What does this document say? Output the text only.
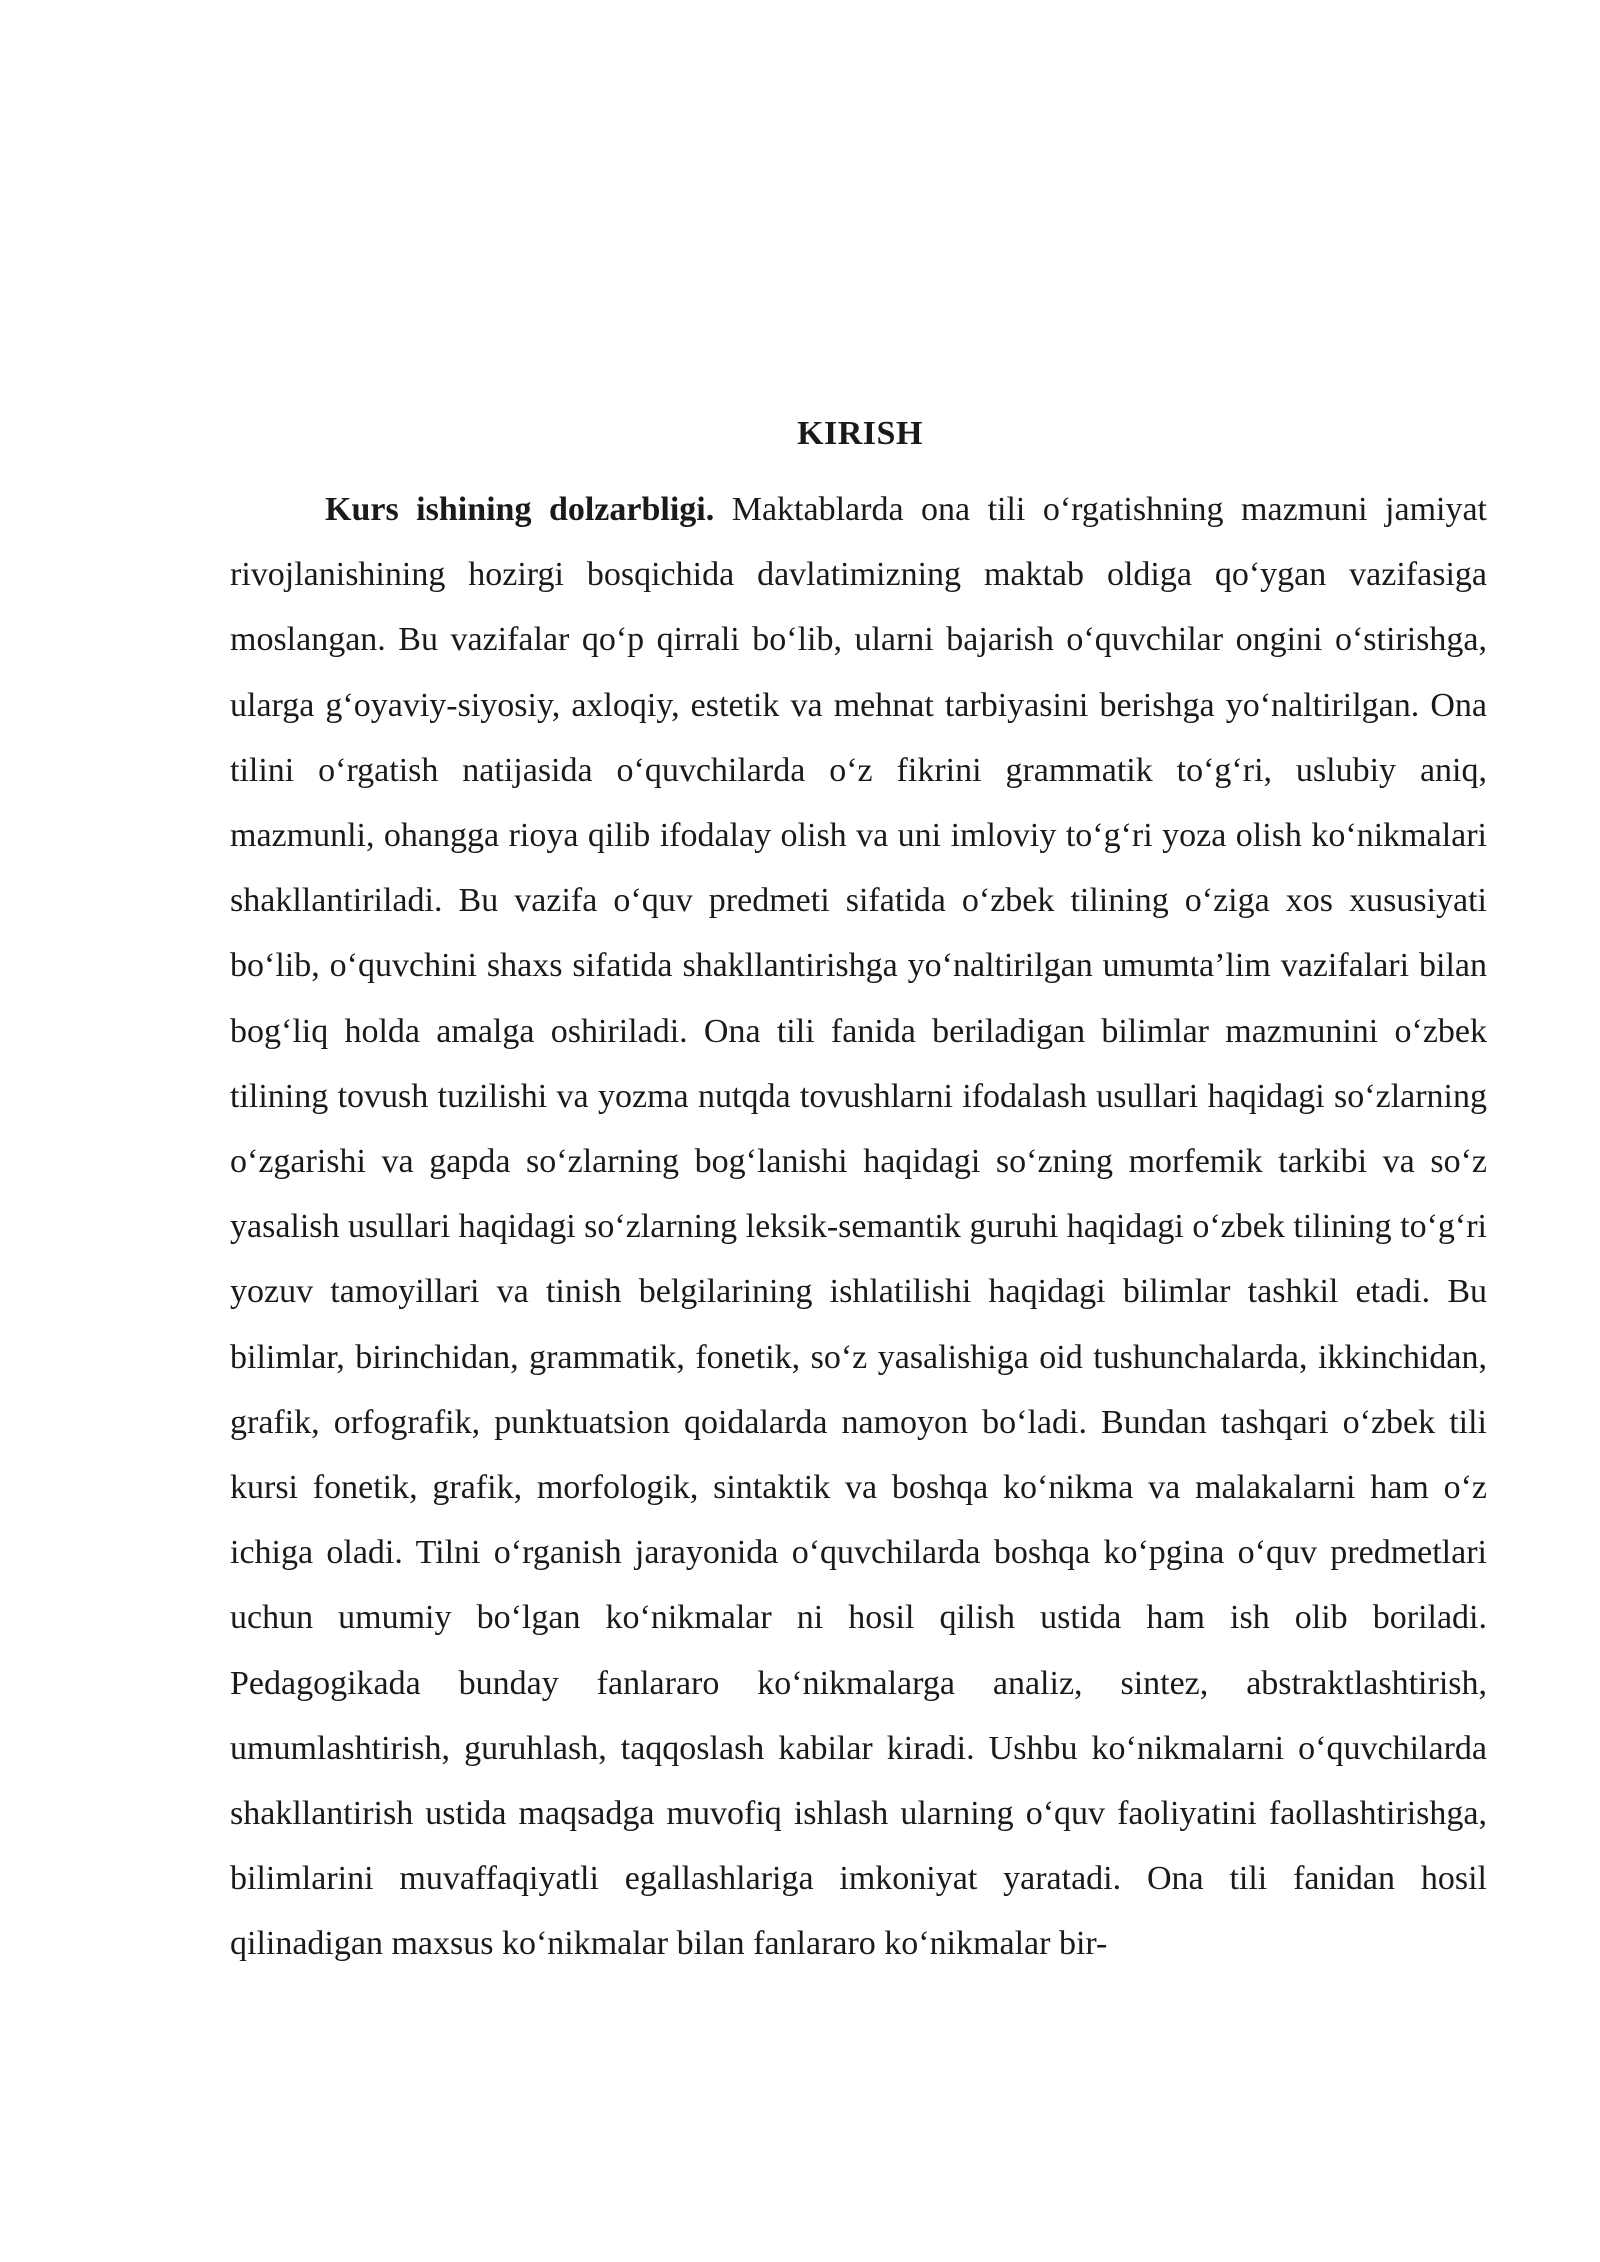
KIRISH

Kurs ishining dolzarbligi. Maktablarda ona tili o‘rgatishning mazmuni jamiyat rivojlanishining hozirgi bosqichida davlatimizning maktab oldiga qo‘ygan vazifasiga moslangan. Bu vazifalar qo‘p qirrali bo‘lib, ularni bajarish o‘quvchilar ongini o‘stirishga, ularga g‘oyaviy-siyosiy, axloqiy, estetik va mehnat tarbiyasini berishga yo‘naltirilgan. Ona tilini o‘rgatish natijasida o‘quvchilarda o‘z fikrini grammatik to‘g‘ri, uslubiy aniq, mazmunli, ohangga rioya qilib ifodalay olish va uni imloviy to‘g‘ri yoza olish ko‘nikmalari shakllantiriladi. Bu vazifa o‘quv predmeti sifatida o‘zbek tilining o‘ziga xos xususiyati bo‘lib, o‘quvchini shaxs sifatida shakllantirishga yo‘naltirilgan umumta’lim vazifalari bilan bog‘liq holda amalga oshiriladi. Ona tili fanida beriladigan bilimlar mazmunini o‘zbek tilining tovush tuzilishi va yozma nutqda tovushlarni ifodalash usullari haqidagi so‘zlarning o‘zgarishi va gapda so‘zlarning bog‘lanishi haqidagi so‘zning morfemik tarkibi va so‘z yasalish usullari haqidagi so‘zlarning leksik-semantik guruhi haqidagi o‘zbek tilining to‘g‘ri yozuv tamoyillari va tinish belgilarining ishlatilishi haqidagi bilimlar tashkil etadi. Bu bilimlar, birinchidan, grammatik, fonetik, so‘z yasalishiga oid tushunchalarda, ikkinchidan, grafik, orfografik, punktuatsion qoidalarda namoyon bo‘ladi. Bundan tashqari o‘zbek tili kursi fonetik, grafik, morfologik, sintaktik va boshqa ko‘nikma va malakalarni ham o‘z ichiga oladi. Tilni o‘rganish jarayonida o‘quvchilarda boshqa ko‘pgina o‘quv predmetlari uchun umumiy bo‘lgan ko‘nikmalar ni hosil qilish ustida ham ish olib boriladi. Pedagogikada bunday fanlararo ko‘nikmalarga analiz, sintez, abstraktlashtirish, umumlashtirish, guruhlash, taqqoslash kabilar kiradi. Ushbu ko‘nikmalarni o‘quvchilarda shakllantirish ustida maqsadga muvofiq ishlash ularning o‘quv faoliyatini faollashtirishga, bilimlarini muvaffaqiyatli egallashlariga imkoniyat yaratadi. Ona tili fanidan hosil qilinadigan maxsus ko‘nikmalar bilan fanlararo ko‘nikmalar bir-
